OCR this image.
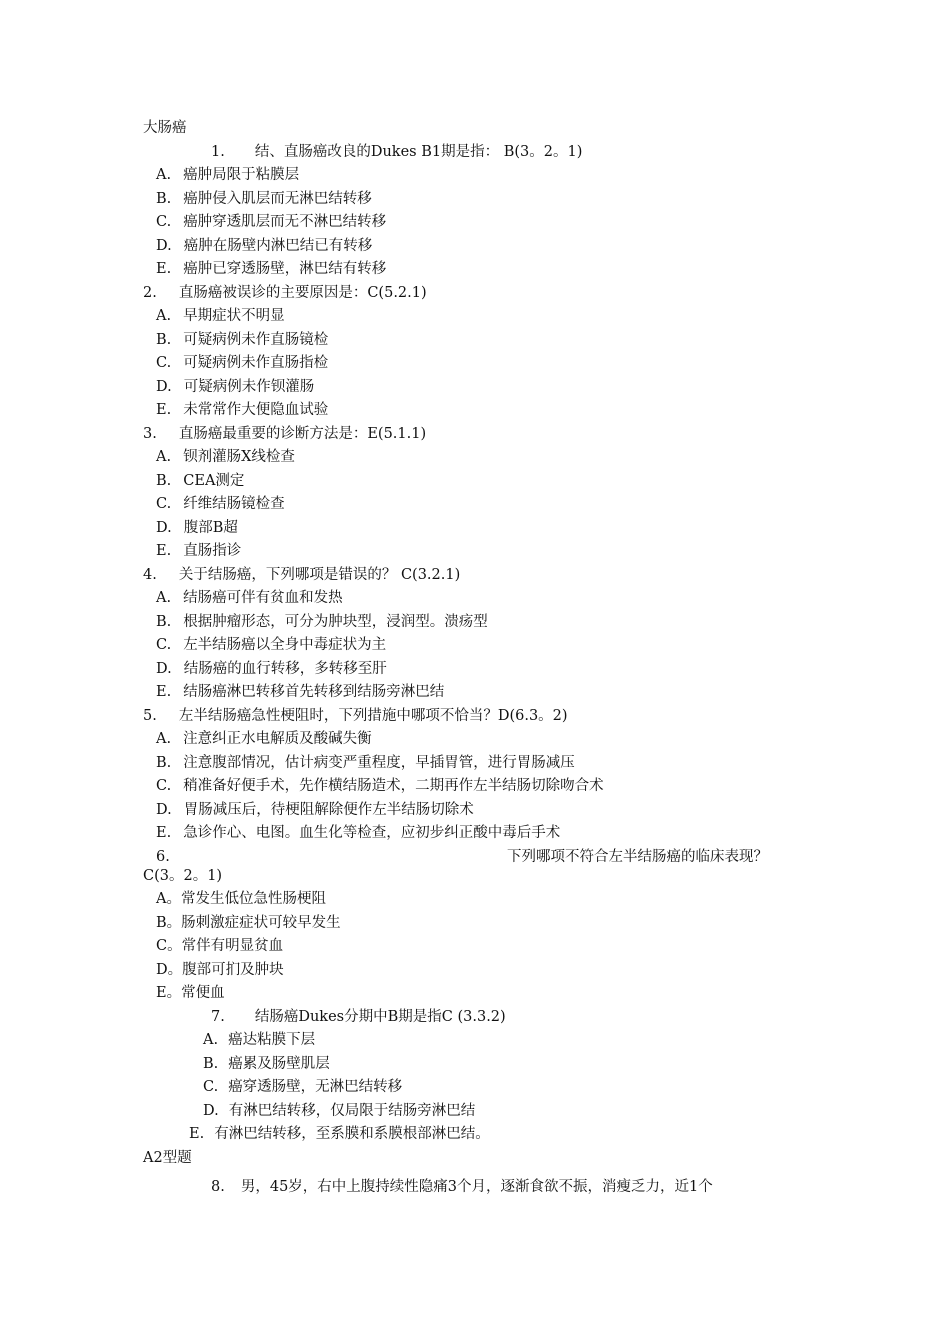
大肠癌
1. 结、直肠癌改良的Dukes B1期是指： B(3。2。1)
A. 癌肿局限于粘膜层
B. 癌肿侵入肌层而无淋巴结转移
C. 癌肿穿透肌层而无不淋巴结转移
D. 癌肿在肠壁内淋巴结已有转移
E. 癌肿已穿透肠壁，淋巴结有转移
2. 直肠癌被误诊的主要原因是：C(5.2.1)
A. 早期症状不明显
B. 可疑病例未作直肠镜检
C. 可疑病例未作直肠指检
D. 可疑病例未作钡灌肠
E. 未常常作大便隐血试验
3. 直肠癌最重要的诊断方法是：E(5.1.1)
A. 钡剂灌肠X线检查
B. CEA测定
C. 纤维结肠镜检查
D. 腹部B超
E. 直肠指诊
4. 关于结肠癌，下列哪项是错误的？ C(3.2.1)
A. 结肠癌可伴有贫血和发热
B. 根据肿瘤形态，可分为肿块型，浸润型。溃疡型
C. 左半结肠癌以全身中毒症状为主
D. 结肠癌的血行转移，多转移至肝
E. 结肠癌淋巴转移首先转移到结肠旁淋巴结
5. 左半结肠癌急性梗阻时，下列措施中哪项不恰当？D(6.3。2)
A. 注意纠正水电解质及酸碱失衡
B. 注意腹部情况，估计病变严重程度，早插胃管，进行胃肠减压
C. 稍准备好便手术，先作横结肠造术，二期再作左半结肠切除吻合术
D. 胃肠减压后，待梗阻解除便作左半结肠切除术
E. 急诊作心、电图。血生化等检查，应初步纠正酸中毒后手术
6.	下列哪项不符合左半结肠癌的临床表现？
C(3。2。1)
A。常发生低位急性肠梗阻
B。肠刺激症症状可较早发生
C。常伴有明显贫血
D。腹部可扪及肿块
E。常便血
7. 结肠癌Dukes分期中B期是指C (3.3.2)
A. 癌达粘膜下层
B. 癌累及肠壁肌层
C. 癌穿透肠壁，无淋巴结转移
D. 有淋巴结转移，仅局限于结肠旁淋巴结
E. 有淋巴结转移，至系膜和系膜根部淋巴结。
A2型题
8. 男，45岁，右中上腹持续性隐痛3个月，逐渐食欲不振，消瘦乏力，近1个
